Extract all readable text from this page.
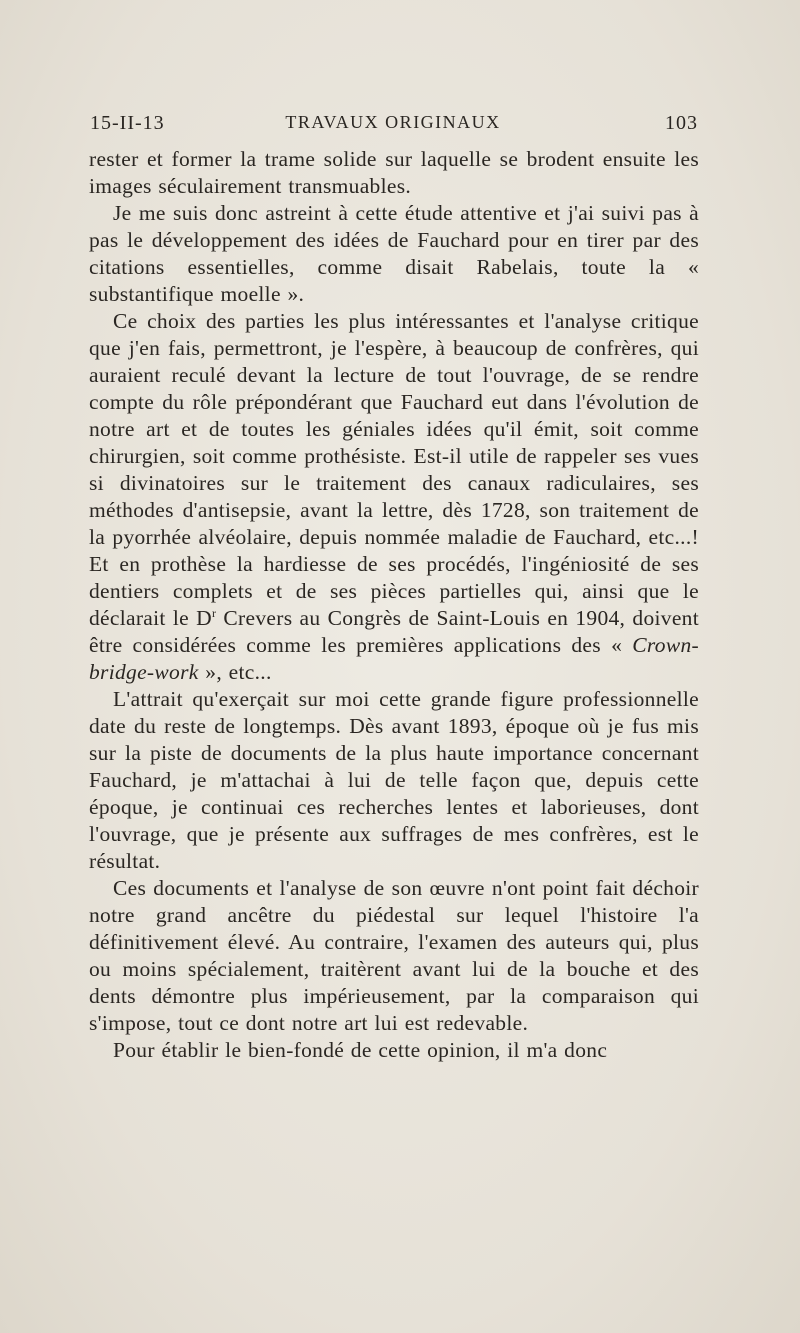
15-II-13	TRAVAUX ORIGINAUX	103

rester et former la trame solide sur laquelle se brodent ensuite les images séculairement transmuables.

Je me suis donc astreint à cette étude attentive et j'ai suivi pas à pas le développement des idées de Fauchard pour en tirer par des citations essentielles, comme disait Rabelais, toute la « substantifique moelle ».

Ce choix des parties les plus intéressantes et l'analyse critique que j'en fais, permettront, je l'espère, à beaucoup de confrères, qui auraient reculé devant la lecture de tout l'ouvrage, de se rendre compte du rôle prépondérant que Fauchard eut dans l'évolution de notre art et de toutes les géniales idées qu'il émit, soit comme chirurgien, soit comme prothésiste. Est-il utile de rappeler ses vues si divinatoires sur le traitement des canaux radiculaires, ses méthodes d'antisepsie, avant la lettre, dès 1728, son traitement de la pyorrhée alvéolaire, depuis nommée maladie de Fauchard, etc...! Et en prothèse la hardiesse de ses procédés, l'ingéniosité de ses dentiers complets et de ses pièces partielles qui, ainsi que le déclarait le $D^r$ Crevers au Congrès de Saint-Louis en 1904, doivent être considérées comme les premières applications des « Crown-bridge-work », etc...

L'attrait qu'exerçait sur moi cette grande figure professionnelle date du reste de longtemps. Dès avant 1893, époque où je fus mis sur la piste de documents de la plus haute importance concernant Fauchard, je m'attachai à lui de telle façon que, depuis cette époque, je continuai ces recherches lentes et laborieuses, dont l'ouvrage, que je présente aux suffrages de mes confrères, est le résultat.

Ces documents et l'analyse de son œuvre n'ont point fait déchoir notre grand ancêtre du piédestal sur lequel l'histoire l'a définitivement élevé. Au contraire, l'examen des auteurs qui, plus ou moins spécialement, traitèrent avant lui de la bouche et des dents démontre plus impérieusement, par la comparaison qui s'impose, tout ce dont notre art lui est redevable.

Pour établir le bien-fondé de cette opinion, il m'a donc
